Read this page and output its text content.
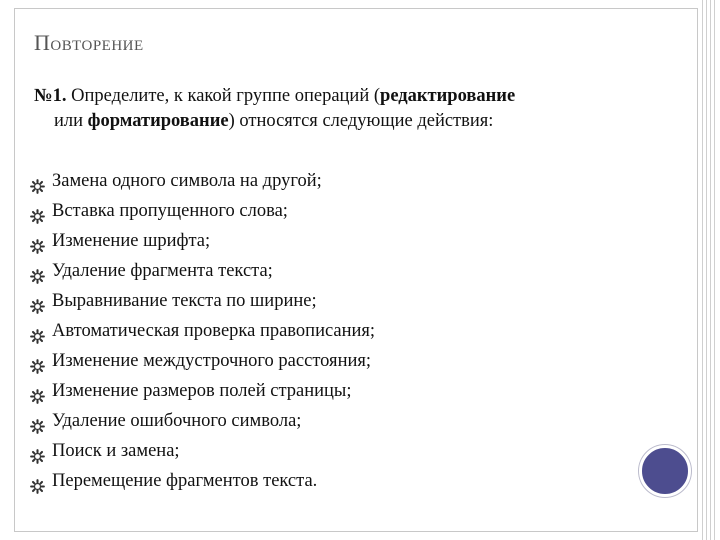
Повторение

№1. Определите, к какой группе операций (редактирование
или форматирование) относятся следующие действия:

Замена одного символа на другой;
Вставка пропущенного слова;
Изменение шрифта;
Удаление фрагмента текста;
Выравнивание текста по ширине;
Автоматическая проверка правописания;
Изменение междустрочного расстояния;
Изменение размеров полей страницы;
Удаление ошибочного символа;
Поиск и замена;
Перемещение фрагментов текста.
